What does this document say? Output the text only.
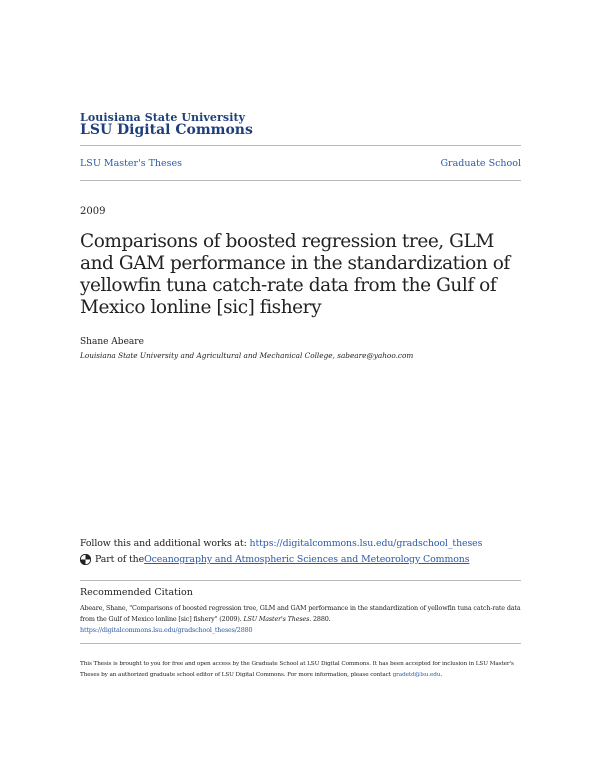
Louisiana State University
LSU Digital Commons
LSU Master's Theses	Graduate School
2009
Comparisons of boosted regression tree, GLM and GAM performance in the standardization of yellowfin tuna catch-rate data from the Gulf of Mexico lonline [sic] fishery
Shane Abeare
Louisiana State University and Agricultural and Mechanical College, sabeare@yahoo.com
Follow this and additional works at: https://digitalcommons.lsu.edu/gradschool_theses
Part of the Oceanography and Atmospheric Sciences and Meteorology Commons
Recommended Citation
Abeare, Shane, "Comparisons of boosted regression tree, GLM and GAM performance in the standardization of yellowfin tuna catch-rate data from the Gulf of Mexico lonline [sic] fishery" (2009). LSU Master's Theses. 2880.
https://digitalcommons.lsu.edu/gradschool_theses/2880
This Thesis is brought to you for free and open access by the Graduate School at LSU Digital Commons. It has been accepted for inclusion in LSU Master's Theses by an authorized graduate school editor of LSU Digital Commons. For more information, please contact gradetd@lsu.edu.
